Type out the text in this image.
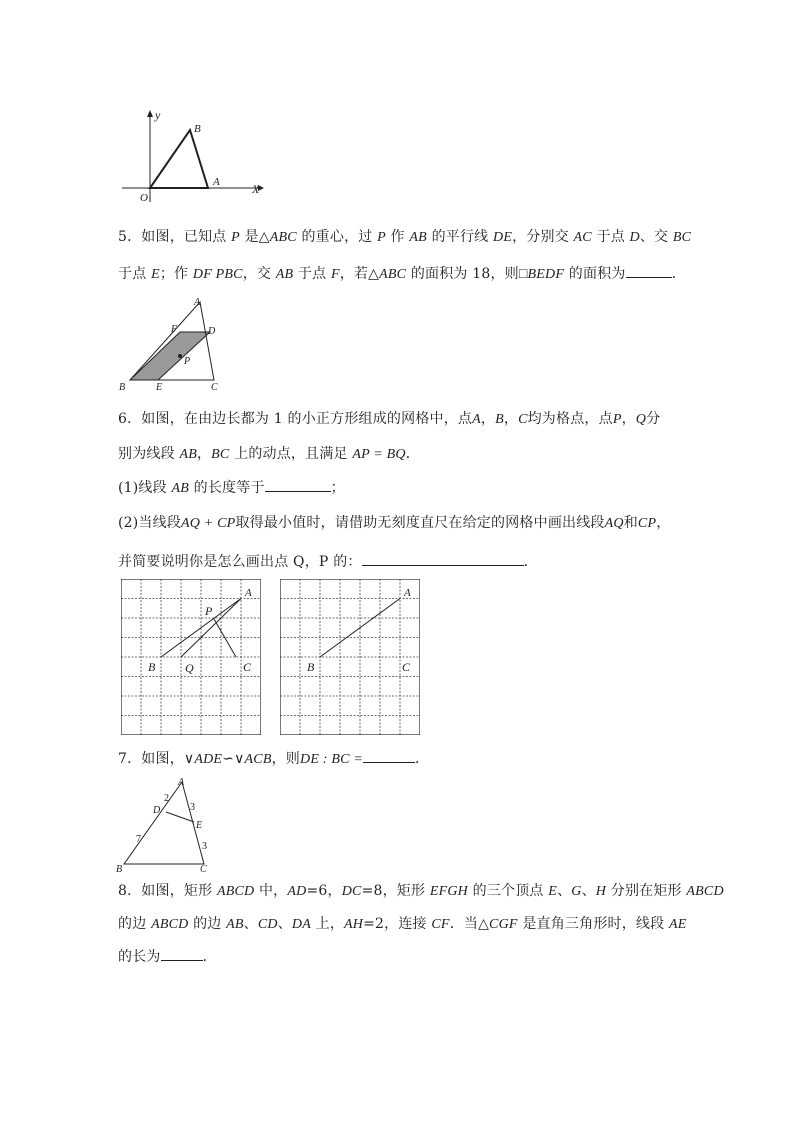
y
X
O
A
B
5．如图，已知点 P 是△ABC 的重心，过 P 作 AB 的平行线 DE，分别交 AC 于点 D、交 BC
于点 E；作 DF PBC，交 AB 于点 F，若△ABC 的面积为 18，则□BEDF 的面积为	.
A
F	D
P
B	E	C
6．如图，在由边长都为 1 的小正方形组成的网格中，点A，B，C均为格点，点P，Q分
别为线段 AB，BC 上的动点，且满足 AP = BQ．
(1)线段 AB 的长度等于	；
(2)当线段AQ + CP取得最小值时，请借助无刻度直尺在给定的网格中画出线段AQ和CP，
并简要说明你是怎么画出点 Q，P 的：	.
A
P
B Q	C
A
B	C
7．如图，∨ADE∽∨ACB，则DE : BC =	．
A
D
E
B	C
2
3
7
3
8．如图，矩形 ABCD 中，AD=6，DC=8，矩形 EFGH 的三个顶点 E、G、H 分别在矩形 ABCD
的边 ABCD 的边 AB、CD、DA 上，AH=2，连接 CF．当△CGF 是直角三角形时，线段 AE
的长为	．
